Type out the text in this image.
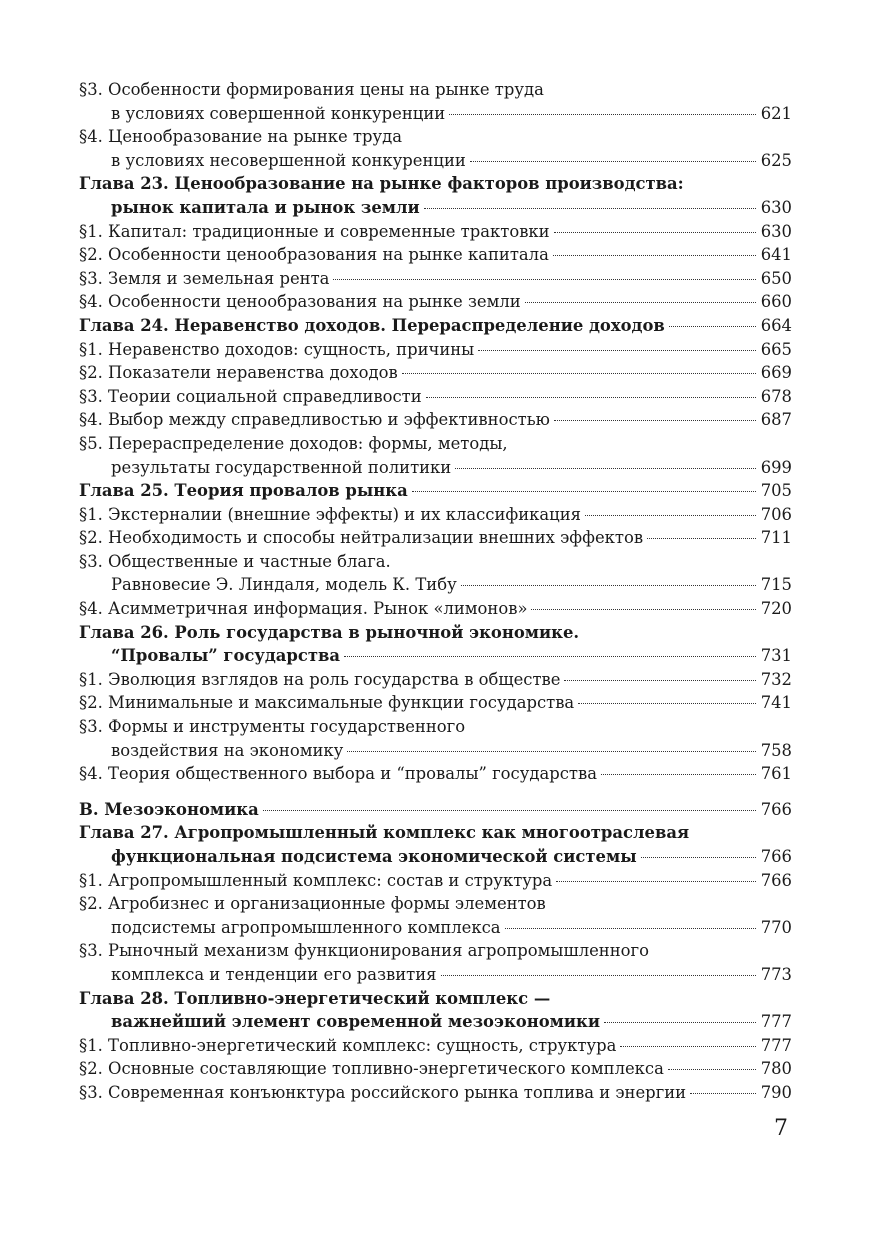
§3. Особенности формирования цены на рынке труда
в условиях совершенной конкуренции	621
§4. Ценообразование на рынке труда
в условиях несовершенной конкуренции	625
Глава 23. Ценообразование на рынке факторов производства:
рынок капитала и рынок земли	630
§1. Капитал: традиционные и современные трактовки	630
§2. Особенности ценообразования на рынке капитала	641
§3. Земля и земельная рента	650
§4. Особенности ценообразования на рынке земли	660
Глава 24. Неравенство доходов. Перераспределение доходов	664
§1. Неравенство доходов: сущность, причины	665
§2. Показатели неравенства доходов	669
§3. Теории социальной справедливости	678
§4. Выбор между справедливостью и эффективностью	687
§5. Перераспределение доходов: формы, методы,
результаты государственной политики	699
Глава 25. Теория провалов рынка	705
§1. Экстерналии (внешние эффекты) и их классификация	706
§2. Необходимость и способы нейтрализации внешних эффектов	711
§3. Общественные и частные блага.
Равновесие Э. Линдаля, модель К. Тибу	715
§4. Асимметричная информация. Рынок «лимонов»	720
Глава 26. Роль государства в рыночной экономике.
“Провалы” государства	731
§1. Эволюция взглядов на роль государства в обществе	732
§2. Минимальные и максимальные функции государства	741
§3. Формы и инструменты государственного
воздействия на экономику	758
§4. Теория общественного выбора и “провалы” государства	761
В. Мезоэкономика	766
Глава 27. Агропромышленный комплекс как многоотраслевая
функциональная подсистема экономической системы	766
§1. Агропромышленный комплекс: состав и структура	766
§2. Агробизнес и организационные формы элементов
подсистемы агропромышленного комплекса	770
§3. Рыночный механизм функционирования агропромышленного
комплекса и тенденции его развития	773
Глава 28. Топливно-энергетический комплекс —
важнейший элемент современной мезоэкономики	777
§1. Топливно-энергетический комплекс: сущность, структура	777
§2. Основные составляющие топливно-энергетического комплекса	780
§3. Современная конъюнктура российского рынка топлива и энергии	790
7
